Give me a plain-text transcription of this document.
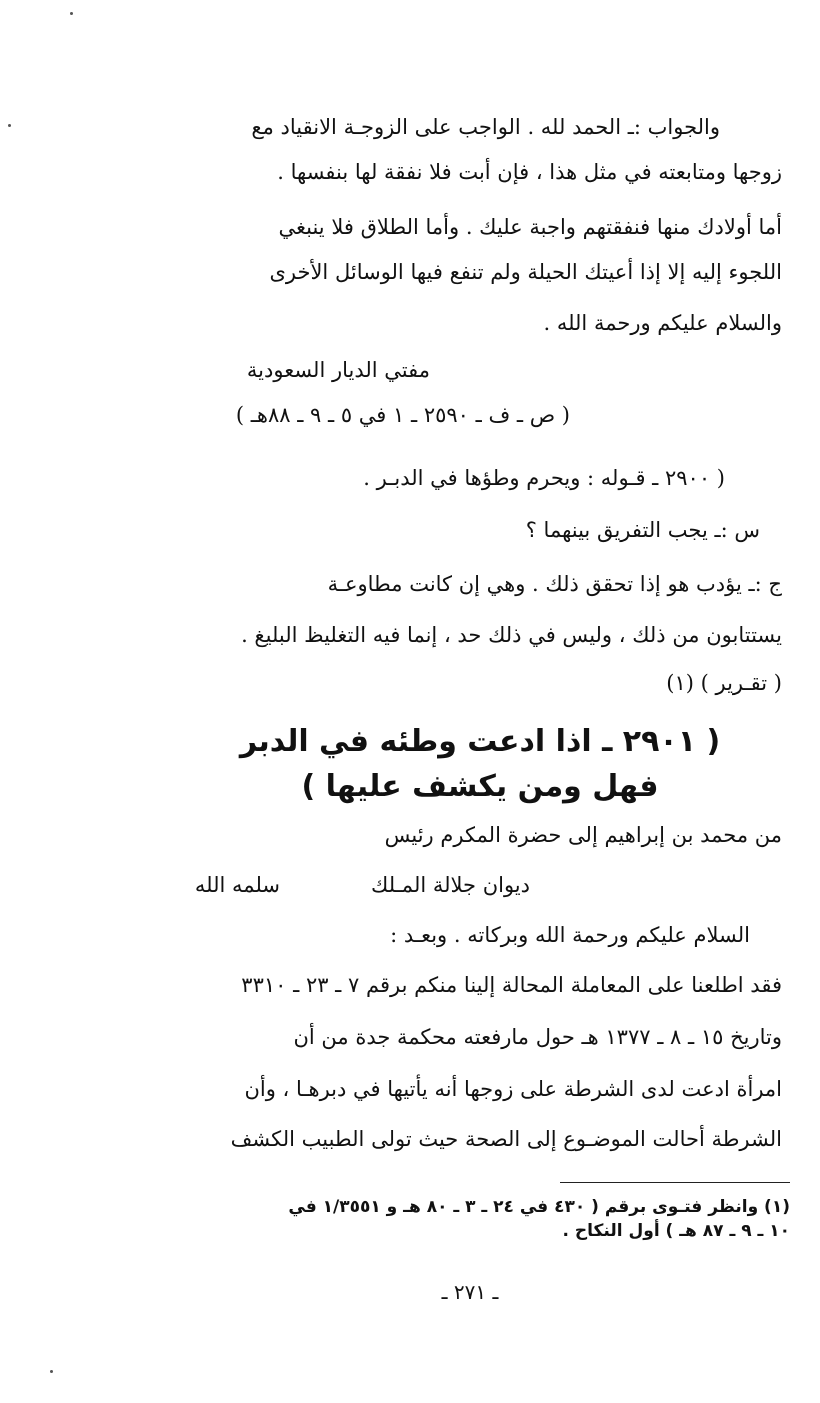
والجواب :ـ الحمد لله . الواجب على الزوجـة الانقياد مع
زوجها ومتابعته في مثل هذا ، فإن أبت فلا نفقة لها بنفسها .
أما أولادك منها فنفقتهم واجبة عليك . وأما الطلاق فلا ينبغي
اللجوء إليه إلا إذا أعيتك الحيلة ولم تنفع فيها الوسائل الأخرى
والسلام عليكم ورحمة الله .
مفتي الديار السعودية
( ص ـ ف ـ ٢٥٩٠ ـ ١ في ٥ ـ ٩ ـ ٨٨هـ )
( ٢٩٠٠ ـ قـوله : ويحرم وطؤها في الدبـر .
س :ـ يجب التفريق بينهما ؟
ج :ـ يؤدب هو إذا تحقق ذلك . وهي إن كانت مطاوعـة
يستتابون من ذلك ، وليس في ذلك حد ، إنما فيه التغليظ البليغ .
( تقـرير ) (١)
( ٢٩٠١ ـ اذا ادعت وطئه في الدبر
فهل ومن يكشف عليها )
من محمد بن إبراهيم إلى حضرة المكرم رئيس
ديوان جلالة المـلك
سلمه الله
السلام عليكم ورحمة الله وبركاته . وبعـد :
فقد اطلعنا على المعاملة المحالة إلينا منكم برقم ٧ ـ ٢٣ ـ ٣٣١٠
وتاريخ ١٥ ـ ٨ ـ ١٣٧٧ هـ حول مارفعته محكمة جدة من أن
امرأة ادعت لدى الشرطة على زوجها أنه يأتيها في دبرهـا ، وأن
الشرطة أحالت الموضـوع إلى الصحة حيث تولى الطبيب الكشف
(١) وانظر فتـوى برقم ( ٤٣٠ في ٢٤ ـ ٣ ـ ٨٠ هـ و ١/٣٥٥١ في
١٠ ـ ٩ ـ ٨٧ هـ ) أول النكاح .
ـ ٢٧١ ـ
